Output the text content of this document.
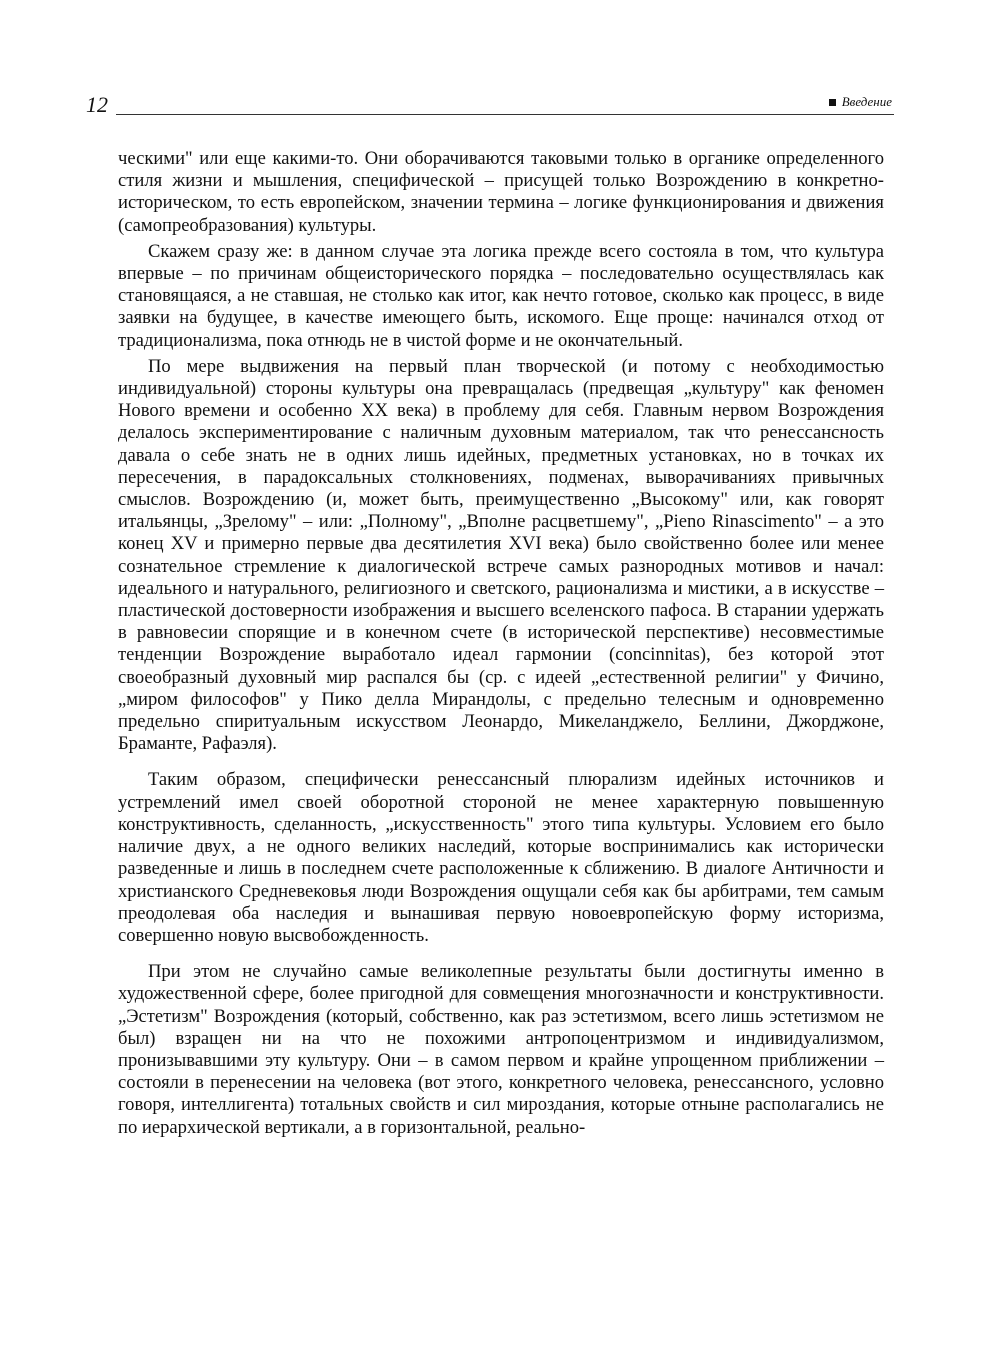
12	Введение

ческими" или еще какими-то. Они оборачиваются таковыми только в органике определенного стиля жизни и мышления, специфической – присущей только Возрождению в конкретно-историческом, то есть европейском, значении термина – логике функционирования и движения (самопреобразования) культуры.

Скажем сразу же: в данном случае эта логика прежде всего состояла в том, что культура впервые – по причинам общеисторического порядка – последовательно осуществлялась как становящаяся, а не ставшая, не столько как итог, как нечто готовое, сколько как процесс, в виде заявки на будущее, в качестве имеющего быть, искомого. Еще проще: начинался отход от традиционализма, пока отнюдь не в чистой форме и не окончательный.

По мере выдвижения на первый план творческой (и потому с необходимостью индивидуальной) стороны культуры она превращалась (предвещая „культуру" как феномен Нового времени и особенно XX века) в проблему для себя. Главным нервом Возрождения делалось экспериментирование с наличным духовным материалом, так что ренессансность давала о себе знать не в одних лишь идейных, предметных установках, но в точках их пересечения, в парадоксальных столкновениях, подменах, выворачиваниях привычных смыслов. Возрождению (и, может быть, преимущественно „Высокому" или, как говорят итальянцы, „Зрелому" – или: „Полному", „Вполне расцветшему", „Pieno Rinascimento" – а это конец XV и примерно первые два десятилетия XVI века) было свойственно более или менее сознательное стремление к диалогической встрече самых разнородных мотивов и начал: идеального и натурального, религиозного и светского, рационализма и мистики, а в искусстве – пластической достоверности изображения и высшего вселенского пафоса. В старании удержать в равновесии спорящие и в конечном счете (в исторической перспективе) несовместимые тенденции Возрождение выработало идеал гармонии (concinnitas), без которой этот своеобразный духовный мир распался бы (ср. с идеей „естественной религии" у Фичино, „миром философов" у Пико делла Мирандолы, с предельно телесным и одновременно предельно спиритуальным искусством Леонардо, Микеланджело, Беллини, Джорджоне, Браманте, Рафаэля).

Таким образом, специфически ренессансный плюрализм идейных источников и устремлений имел своей оборотной стороной не менее характерную повышенную конструктивность, сделанность, „искусственность" этого типа культуры. Условием его было наличие двух, а не одного великих наследий, которые воспринимались как исторически разведенные и лишь в последнем счете расположенные к сближению. В диалоге Античности и христианского Средневековья люди Возрождения ощущали себя как бы арбитрами, тем самым преодолевая оба наследия и вынашивая первую новоевропейскую форму историзма, совершенно новую высвобожденность.

При этом не случайно самые великолепные результаты были достигнуты именно в художественной сфере, более пригодной для совмещения многозначности и конструктивности. „Эстетизм" Возрождения (который, собственно, как раз эстетизмом, всего лишь эстетизмом не был) взращен ни на что не похожими антропоцентризмом и индивидуализмом, пронизывавшими эту культуру. Они – в самом первом и крайне упрощенном приближении – состояли в перенесении на человека (вот этого, конкретного человека, ренессансного, условно говоря, интеллигента) тотальных свойств и сил мироздания, которые отныне располагались не по иерархической вертикали, а в горизонтальной, реально-
